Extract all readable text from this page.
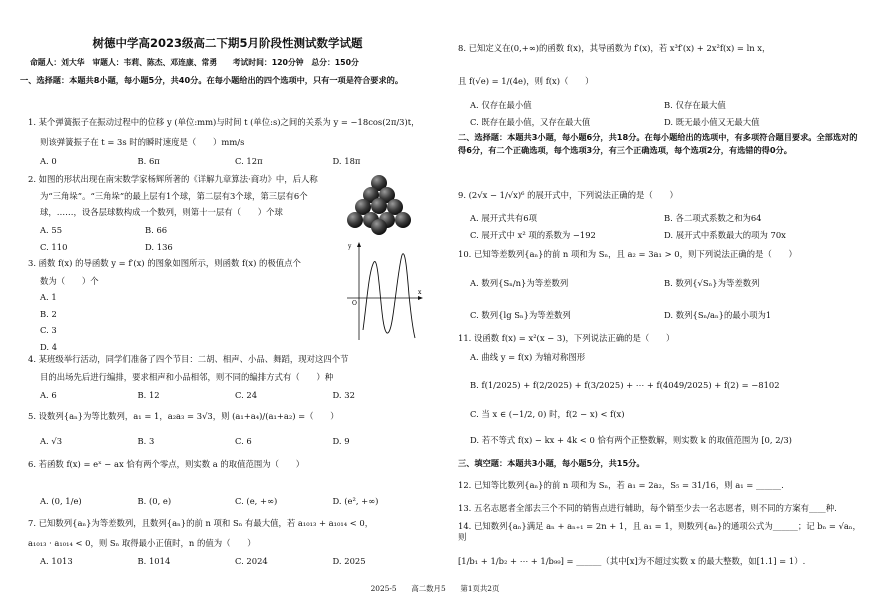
树德中学高2023级高二下期5月阶段性测试数学试题
命题人：刘大华　审题人：韦莉、陈杰、邓连康、常勇　　考试时间：120分钟　总分：150分
一、选择题：本题共8小题，每小题5分，共40分。在每小题给出的四个选项中，只有一项是符合要求的。
1. 某个弹簧振子在振动过程中的位移 y (单位:mm)与时间 t (单位:s)之间的关系为 y = −18cos(2π/3)t，
则该弹簧振子在 t = 3s 时的瞬时速度是（　　）mm/s
A. 0	B. 6π	C. 12π	D. 18π
2. 如图的形状出现在南宋数学家杨辉所著的《详解九章算法·商功》中，后人称
为“三角垛”。“三角垛”的最上层有1个球，第二层有3个球，第三层有6个
球，……，设各层球数构成一个数列，则第十一层有（　　）个球
A. 55	B. 66
C. 110	D. 136
3. 函数 f(x) 的导函数 y = f′(x) 的图象如图所示，则函数 f(x) 的极值点个
数为（　　）个
A. 1
B. 2
C. 3
D. 4
y
x
O
4. 某班级举行活动，同学们准备了四个节目：二胡、相声、小品、舞蹈，现对这四个节
目的出场先后进行编排，要求相声和小品相邻，则不同的编排方式有（　　）种
A. 6	B. 12	C. 24	D. 32
5. 设数列{aₙ}为等比数列，a₁ = 1，a₂a₃ = 3√3，则 (a₁+a₄)/(a₁+a₂) =（　　）
A. √3	B. 3	C. 6	D. 9
6. 若函数 f(x) = eˣ − ax 恰有两个零点，则实数 a 的取值范围为（　　）
A. (0, 1/e)	B. (0, e)	C. (e, +∞)	D. (e², +∞)
7. 已知数列{aₙ}为等差数列，且数列{aₙ}的前 n 项和 Sₙ 有最大值，若 a₁₀₁₃ + a₁₀₁₄ < 0，
a₁₀₁₃ · a₁₀₁₄ < 0，则 Sₙ 取得最小正值时，n 的值为（　　）
A. 1013	B. 1014	C. 2024	D. 2025
8. 已知定义在(0,+∞)的函数 f(x)，其导函数为 f′(x)，若 x³f′(x) + 2x²f(x) = ln x，
且 f(√e) = 1/(4e)，则 f(x)（　　）
A. 仅存在最小值	B. 仅存在最大值
C. 既存在最小值，又存在最大值	D. 既无最小值又无最大值
二、选择题：本题共3小题，每小题6分，共18分。在每小题给出的选项中，有多项符合题目要求。全部选对的得6分，有二个正确选项，每个选项3分，有三个正确选项，每个选项2分，有选错的得0分。
9. (2√x − 1/√x)⁶ 的展开式中，下列说法正确的是（　　）
A. 展开式共有6项	B. 各二项式系数之和为64
C. 展开式中 x² 项的系数为 −192	D. 展开式中系数最大的项为 70x
10. 已知等差数列{aₙ}的前 n 项和为 Sₙ，且 a₂ = 3a₁ > 0，则下列说法正确的是（　　）
A. 数列{Sₙ/n}为等差数列	B. 数列{√Sₙ}为等差数列
C. 数列{lg Sₙ}为等差数列	D. 数列{Sₙ/aₙ}的最小项为1
11. 设函数 f(x) = x²(x − 3)，下列说法正确的是（　　）
A. 曲线 y = f(x) 为轴对称图形
B. f(1/2025) + f(2/2025) + f(3/2025) + ⋯ + f(4049/2025) + f(2) = −8102
C. 当 x ∈ (−1/2, 0) 时，f(2 − x) < f(x)
D. 若不等式 f(x) − kx + 4k < 0 恰有两个正整数解，则实数 k 的取值范围为 [0, 2/3)
三、填空题：本题共3小题，每小题5分，共15分。
12. 已知等比数列{aₙ}的前 n 项和为 Sₙ，若 a₁ = 2a₂，S₅ = 31/16，则 a₁ = ______.
13. 五名志愿者全部去三个不同的销售点进行辅助，每个销至少去一名志愿者，则不同的方案有____种.
14. 已知数列{aₙ}满足 aₙ + aₙ₊₁ = 2n + 1，且 a₁ = 1，则数列{aₙ}的通项公式为______；记 bₙ = √aₙ，则
[1/b₁ + 1/b₂ + ⋯ + 1/b₉₉] = ______（其中[x]为不超过实数 x 的最大整数，如[1.1] = 1）.
2025-5　　高二数月5　　第1页共2页
